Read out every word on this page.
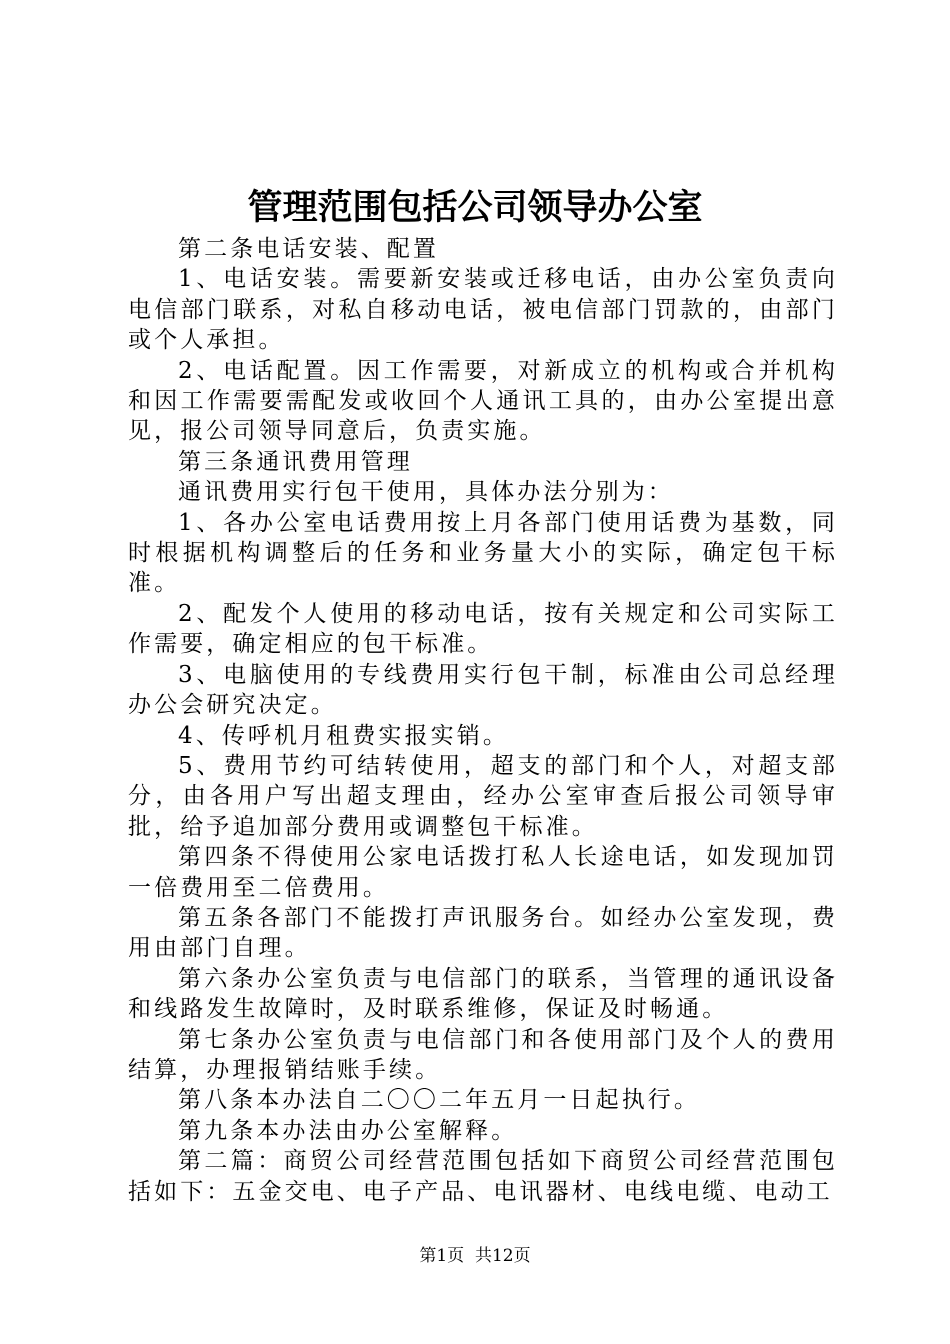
管理范围包括公司领导办公室

第二条电话安装、配置

1、电话安装。需要新安装或迁移电话，由办公室负责向电信部门联系，对私自移动电话，被电信部门罚款的，由部门或个人承担。

2、电话配置。因工作需要，对新成立的机构或合并机构和因工作需要需配发或收回个人通讯工具的，由办公室提出意见，报公司领导同意后，负责实施。

第三条通讯费用管理

通讯费用实行包干使用，具体办法分别为：

1、各办公室电话费用按上月各部门使用话费为基数，同时根据机构调整后的任务和业务量大小的实际，确定包干标准。

2、配发个人使用的移动电话，按有关规定和公司实际工作需要，确定相应的包干标准。

3、电脑使用的专线费用实行包干制，标准由公司总经理办公会研究决定。

4、传呼机月租费实报实销。

5、费用节约可结转使用，超支的部门和个人，对超支部分，由各用户写出超支理由，经办公室审查后报公司领导审批，给予追加部分费用或调整包干标准。

第四条不得使用公家电话拨打私人长途电话，如发现加罚一倍费用至二倍费用。

第五条各部门不能拨打声讯服务台。如经办公室发现，费用由部门自理。

第六条办公室负责与电信部门的联系，当管理的通讯设备和线路发生故障时，及时联系维修，保证及时畅通。

第七条办公室负责与电信部门和各使用部门及个人的费用结算，办理报销结账手续。

第八条本办法自二〇〇二年五月一日起执行。

第九条本办法由办公室解释。

第二篇：商贸公司经营范围包括如下商贸公司经营范围包括如下：五金交电、电子产品、电讯器材、电线电缆、电动工

第1页  共12页
